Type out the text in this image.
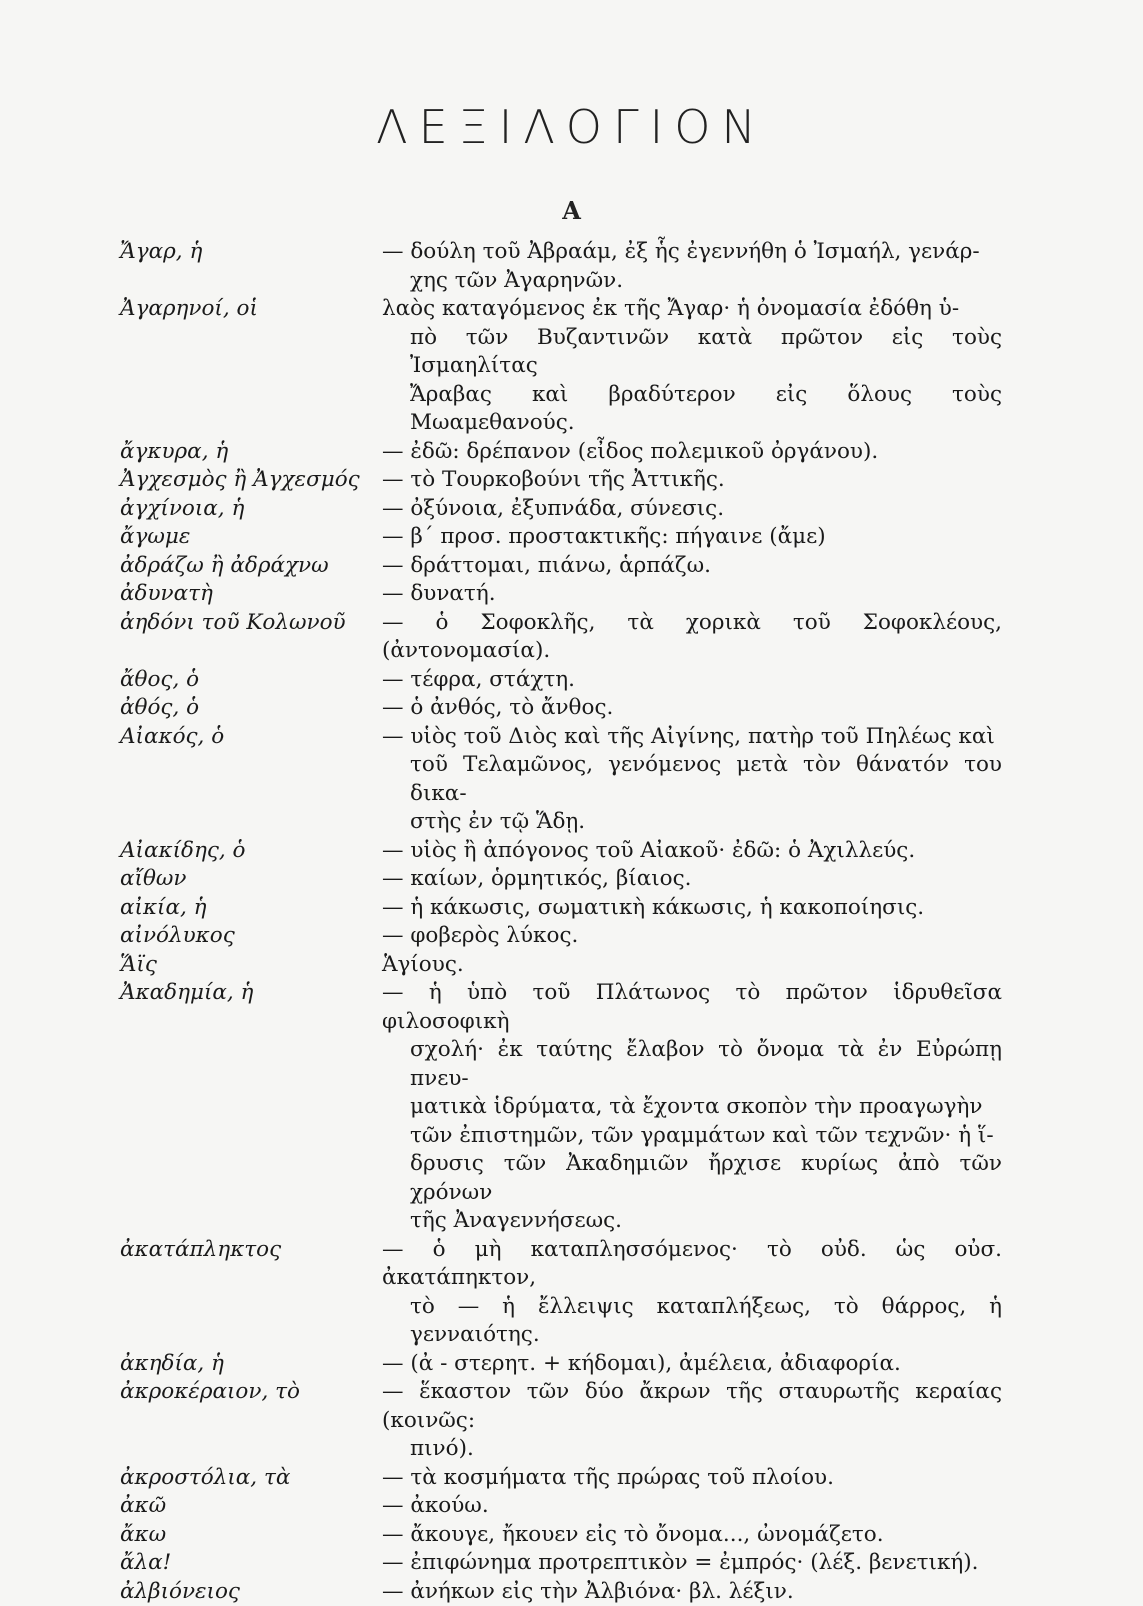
ΛΕΞΙΛΟΓΙΟΝ
Α
Ἄγαρ, ἡ	— δούλη τοῦ Ἀβραάμ, ἐξ ἧς ἐγεννήθη ὁ Ἰσμαήλ, γενάρ-
χης τῶν Ἀγαρηνῶν.
Ἀγαρηνοί, οἱ	λαὸς καταγόμενος ἐκ τῆς Ἄγαρ· ἡ ὀνομασία ἐδόθη ὑ-
πὸ τῶν Βυζαντινῶν κατὰ πρῶτον εἰς τοὺς Ἰσμαηλίτας
Ἄραβας καὶ βραδύτερον εἰς ὅλους τοὺς Μωαμεθανούς.
ἄγκυρα, ἡ	— ἐδῶ: δρέπανον (εἶδος πολεμικοῦ ὀργάνου).
Ἀγχεσμὸς ἢ Ἀγχεσμός	— τὸ Τουρκοβούνι τῆς Ἀττικῆς.
ἀγχίνοια, ἡ	— ὀξύνοια, ἐξυπνάδα, σύνεσις.
ἄγωμε	— β΄ προσ. προστακτικῆς: πήγαινε (ἄμε)
ἀδράζω ἢ ἀδράχνω	— δράττομαι, πιάνω, ἁρπάζω.
ἀδυνατὴ	— δυνατή.
ἀηδόνι τοῦ Κολωνοῦ	— ὁ Σοφοκλῆς, τὰ χορικὰ τοῦ Σοφοκλέους, (ἀντονομασία).
ἄθος, ὁ	— τέφρα, στάχτη.
ἀθός, ὁ	— ὁ ἀνθός, τὸ ἄνθος.
Αἰακός, ὁ	— υἱὸς τοῦ Διὸς καὶ τῆς Αἰγίνης, πατὴρ τοῦ Πηλέως καὶ
τοῦ Τελαμῶνος, γενόμενος μετὰ τὸν θάνατόν του δικα-
στὴς ἐν τῷ Ἅδῃ.
Αἰακίδης, ὁ	— υἱὸς ἢ ἀπόγονος τοῦ Αἰακοῦ· ἐδῶ: ὁ Ἀχιλλεύς.
αἴθων	— καίων, ὁρμητικός, βίαιος.
αἰκία, ἡ	— ἡ κάκωσις, σωματικὴ κάκωσις, ἡ κακοποίησις.
αἰνόλυκος	— φοβερὸς λύκος.
Ἅϊς	Ἁγίους.
Ἀκαδημία, ἡ	— ἡ ὑπὸ τοῦ Πλάτωνος τὸ πρῶτον ἱδρυθεῖσα φιλοσοφικὴ
σχολή· ἐκ ταύτης ἔλαβον τὸ ὄνομα τὰ ἐν Εὐρώπῃ πνευ-
ματικὰ ἱδρύματα, τὰ ἔχοντα σκοπὸν τὴν προαγωγὴν
τῶν ἐπιστημῶν, τῶν γραμμάτων καὶ τῶν τεχνῶν· ἡ ἵ-
δρυσις τῶν Ἀκαδημιῶν ἤρχισε κυρίως ἀπὸ τῶν χρόνων
τῆς Ἀναγεννήσεως.
ἀκατάπληκτος	— ὁ μὴ καταπλησσόμενος· τὸ οὐδ. ὡς οὐσ. ἀκατάπηκτον,
τὸ — ἡ ἔλλειψις καταπλήξεως, τὸ θάρρος, ἡ γενναιότης.
ἀκηδία, ἡ	— (ἀ - στερητ. + κήδομαι), ἀμέλεια, ἀδιαφορία.
ἀκροκέραιον, τὸ	— ἕκαστον τῶν δύο ἄκρων τῆς σταυρωτῆς κεραίας (κοινῶς:
πινό).
ἀκροστόλια, τὰ	— τὰ κοσμήματα τῆς πρώρας τοῦ πλοίου.
ἀκῶ	— ἀκούω.
ἄκω	— ἄκουγε, ἤκουεν εἰς τὸ ὄνομα..., ὠνομάζετο.
ἄλα!	— ἐπιφώνημα προτρεπτικὸν = ἐμπρός· (λέξ. βενετική).
ἀλβιόνειος	— ἀνήκων εἰς τὴν Ἀλβιόνα· βλ. λέξιν.
